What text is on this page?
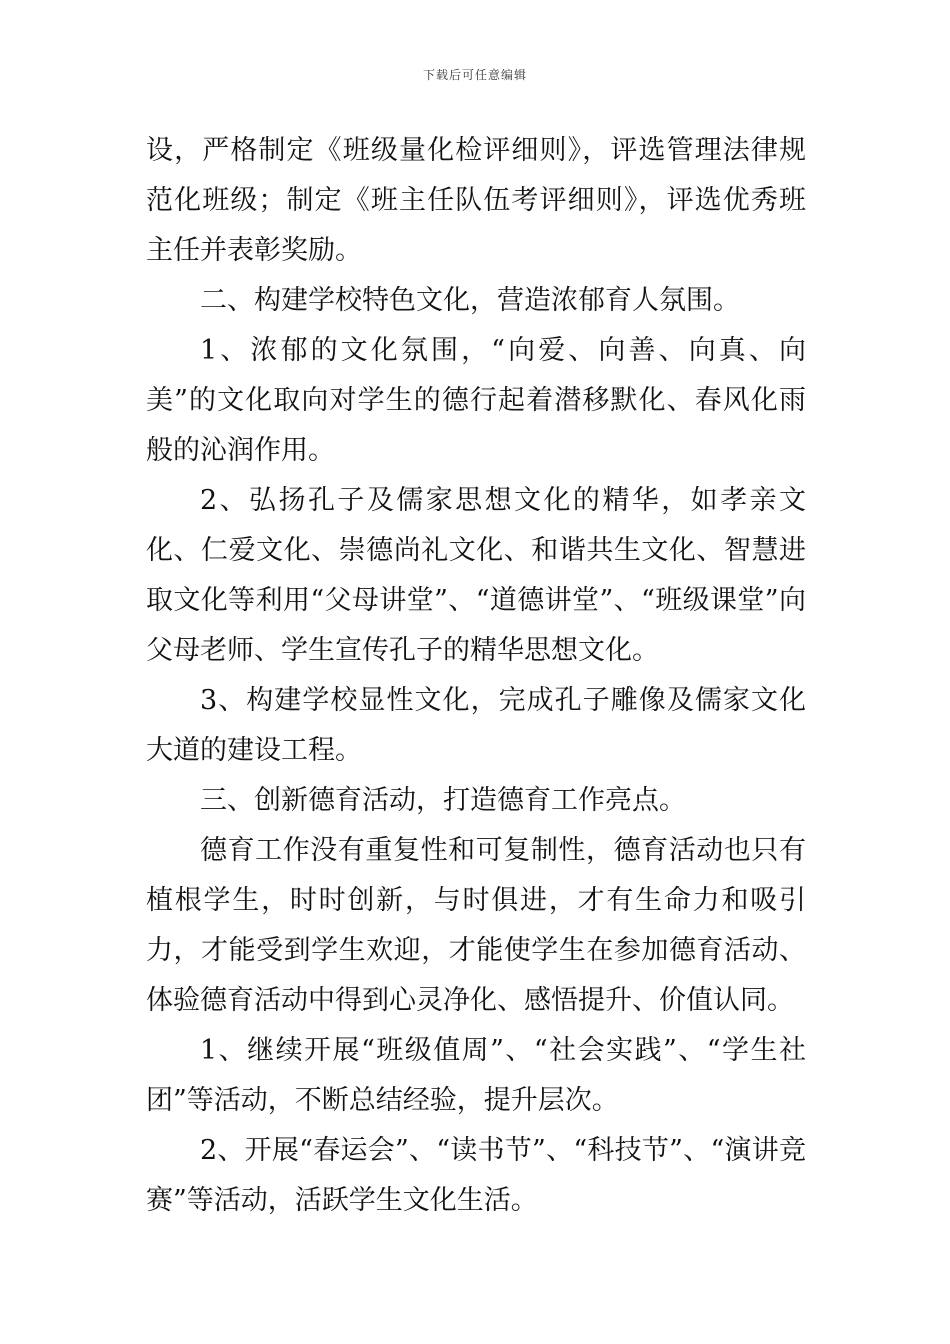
下载后可任意编辑

设，严格制定《班级量化检评细则》，评选管理法律规范化班级；制定《班主任队伍考评细则》，评选优秀班主任并表彰奖励。

二、构建学校特色文化，营造浓郁育人氛围。

1、浓郁的文化氛围，“向爱、向善、向真、向美”的文化取向对学生的德行起着潜移默化、春风化雨般的沁润作用。

2、弘扬孔子及儒家思想文化的精华，如孝亲文化、仁爱文化、崇德尚礼文化、和谐共生文化、智慧进取文化等利用“父母讲堂”、“道德讲堂”、“班级课堂”向父母老师、学生宣传孔子的精华思想文化。

3、构建学校显性文化，完成孔子雕像及儒家文化大道的建设工程。

三、创新德育活动，打造德育工作亮点。

德育工作没有重复性和可复制性，德育活动也只有植根学生，时时创新，与时俱进，才有生命力和吸引力，才能受到学生欢迎，才能使学生在参加德育活动、体验德育活动中得到心灵净化、感悟提升、价值认同。

1、继续开展“班级值周”、“社会实践”、“学生社团”等活动，不断总结经验，提升层次。

2、开展“春运会”、“读书节”、“科技节”、“演讲竞赛”等活动，活跃学生文化生活。
